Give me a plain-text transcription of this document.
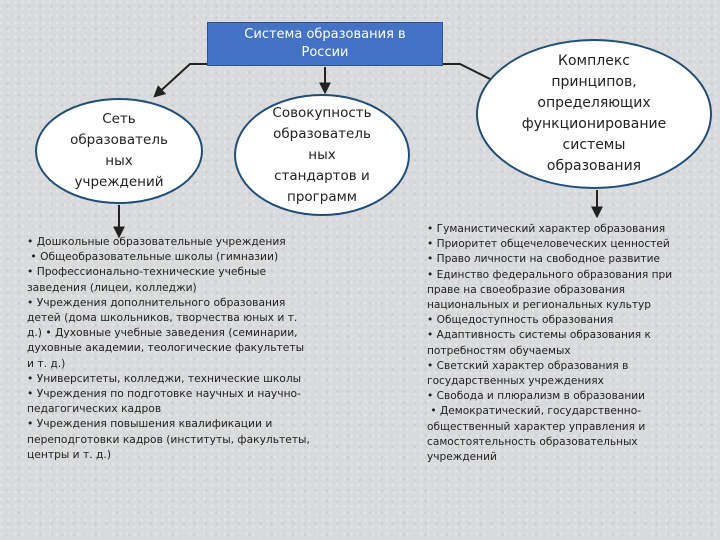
Система образования в
России
Сеть
образователь
ных
учреждений
Совокупность
образователь
ных
стандартов и
программ
Комплекс
принципов,
определяющих
функционирование
системы
образования
• Дошкольные образовательные учреждения
• Общеобразовательные школы (гимназии)
• Профессионально-технические учебные
заведения (лицеи, колледжи)
• Учреждения дополнительного образования
детей (дома школьников, творчества юных и т.
д.) • Духовные учебные заведения (семинарии,
духовные академии, теологические факультеты
и т. д.)
• Университеты, колледжи, технические школы
• Учреждения по подготовке научных и научно-
педагогических кадров
• Учреждения повышения квалификации и
переподготовки кадров (институты, факультеты,
центры и т. д.)
• Гуманистический характер образования
• Приоритет общечеловеческих ценностей
• Право личности на свободное развитие
• Единство федерального образования при
праве на своеобразие образования
национальных и региональных культур
• Общедоступность образования
• Адаптивность системы образования к
потребностям обучаемых
• Светский характер образования в
государственных учреждениях
• Свобода и плюрализм в образовании
• Демократический, государственно-
общественный характер управления и
самостоятельность образовательных
учреждений
